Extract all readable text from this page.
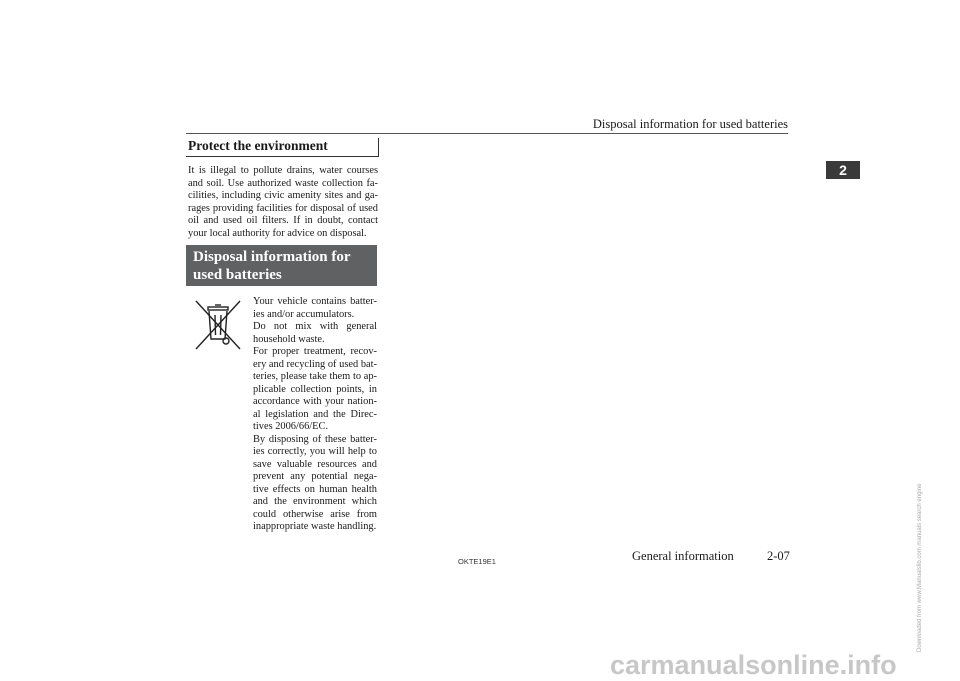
Disposal information for used batteries
2
Protect the environment

It is illegal to pollute drains, water courses and soil. Use authorized waste collection fa-cilities, including civic amenity sites and ga-rages providing facilities for disposal of used oil and used oil filters. If in doubt, contact your local authority for advice on disposal.

Disposal information for used batteries

Your vehicle contains batter-ies and/or accumulators.

Do not mix with general household waste.

For proper treatment, recov-ery and recycling of used bat-teries, please take them to ap-plicable collection points, in accordance with your nation-al legislation and the Direc-tives 2006/66/EC.

By disposing of these batter-ies correctly, you will help to save valuable resources and prevent any potential nega-tive effects on human health and the environment which could otherwise arise from inappropriate waste handling.

OKTE19E1	General information	2-07
carmanualsonline.info
Downloaded from www.Manualslib.com manuals search engine
